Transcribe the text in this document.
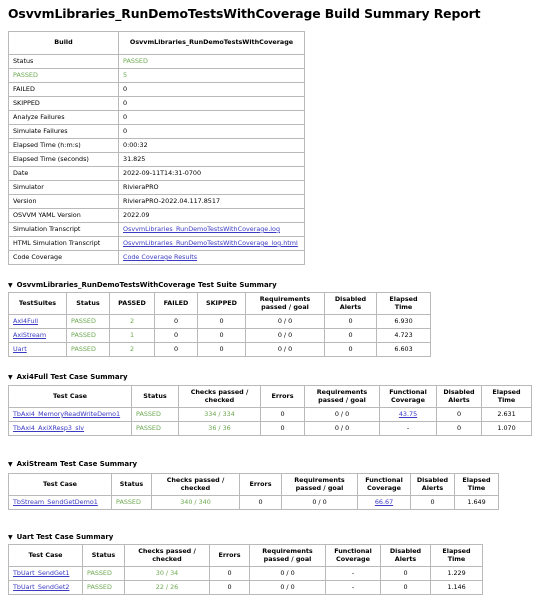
OsvvmLibraries_RunDemoTestsWithCoverage Build Summary Report
Build	OsvvmLibraries_RunDemoTestsWithCoverage
Status	PASSED
PASSED	5
FAILED	0
SKIPPED	0
Analyze Failures	0
Simulate Failures	0
Elapsed Time (h:m:s)	0:00:32
Elapsed Time (seconds)	31.825
Date	2022-09-11T14:31-0700
Simulator	RivieraPRO
Version	RivieraPRO-2022.04.117.8517
OSVVM YAML Version	2022.09
Simulation Transcript	OsvvmLibraries_RunDemoTestsWithCoverage.log
HTML Simulation Transcript	OsvvmLibraries_RunDemoTestsWithCoverage_log.html
Code Coverage	Code Coverage Results
▼ OsvvmLibraries_RunDemoTestsWithCoverage Test Suite Summary
TestSuites	Status	PASSED	FAILED	SKIPPED	Requirements passed / goal	Disabled Alerts	Elapsed Time
AxI4Full	PASSED	2	0	0	0 / 0	0	6.930
AxiStream	PASSED	1	0	0	0 / 0	0	4.723
Uart	PASSED	2	0	0	0 / 0	0	6.603
▼ Axi4Full Test Case Summary
Test Case	Status	Checks passed / checked	Errors	Requirements passed / goal	Functional Coverage	Disabled Alerts	Elapsed Time
TbAxi4_MemoryReadWriteDemo1	PASSED	334 / 334	0	0 / 0	43.75	0	2.631
TbAxi4_AxiXResp3_slv	PASSED	36 / 36	0	0 / 0	-	0	1.070
▼ AxiStream Test Case Summary
Test Case	Status	Checks passed / checked	Errors	Requirements passed / goal	Functional Coverage	Disabled Alerts	Elapsed Time
TbStream_SendGetDemo1	PASSED	340 / 340	0	0 / 0	66.67	0	1.649
▼ Uart Test Case Summary
Test Case	Status	Checks passed / checked	Errors	Requirements passed / goal	Functional Coverage	Disabled Alerts	Elapsed Time
TbUart_SendGet1	PASSED	30 / 34	0	0 / 0	-	0	1.229
TbUart_SendGet2	PASSED	22 / 26	0	0 / 0	-	0	1.146
